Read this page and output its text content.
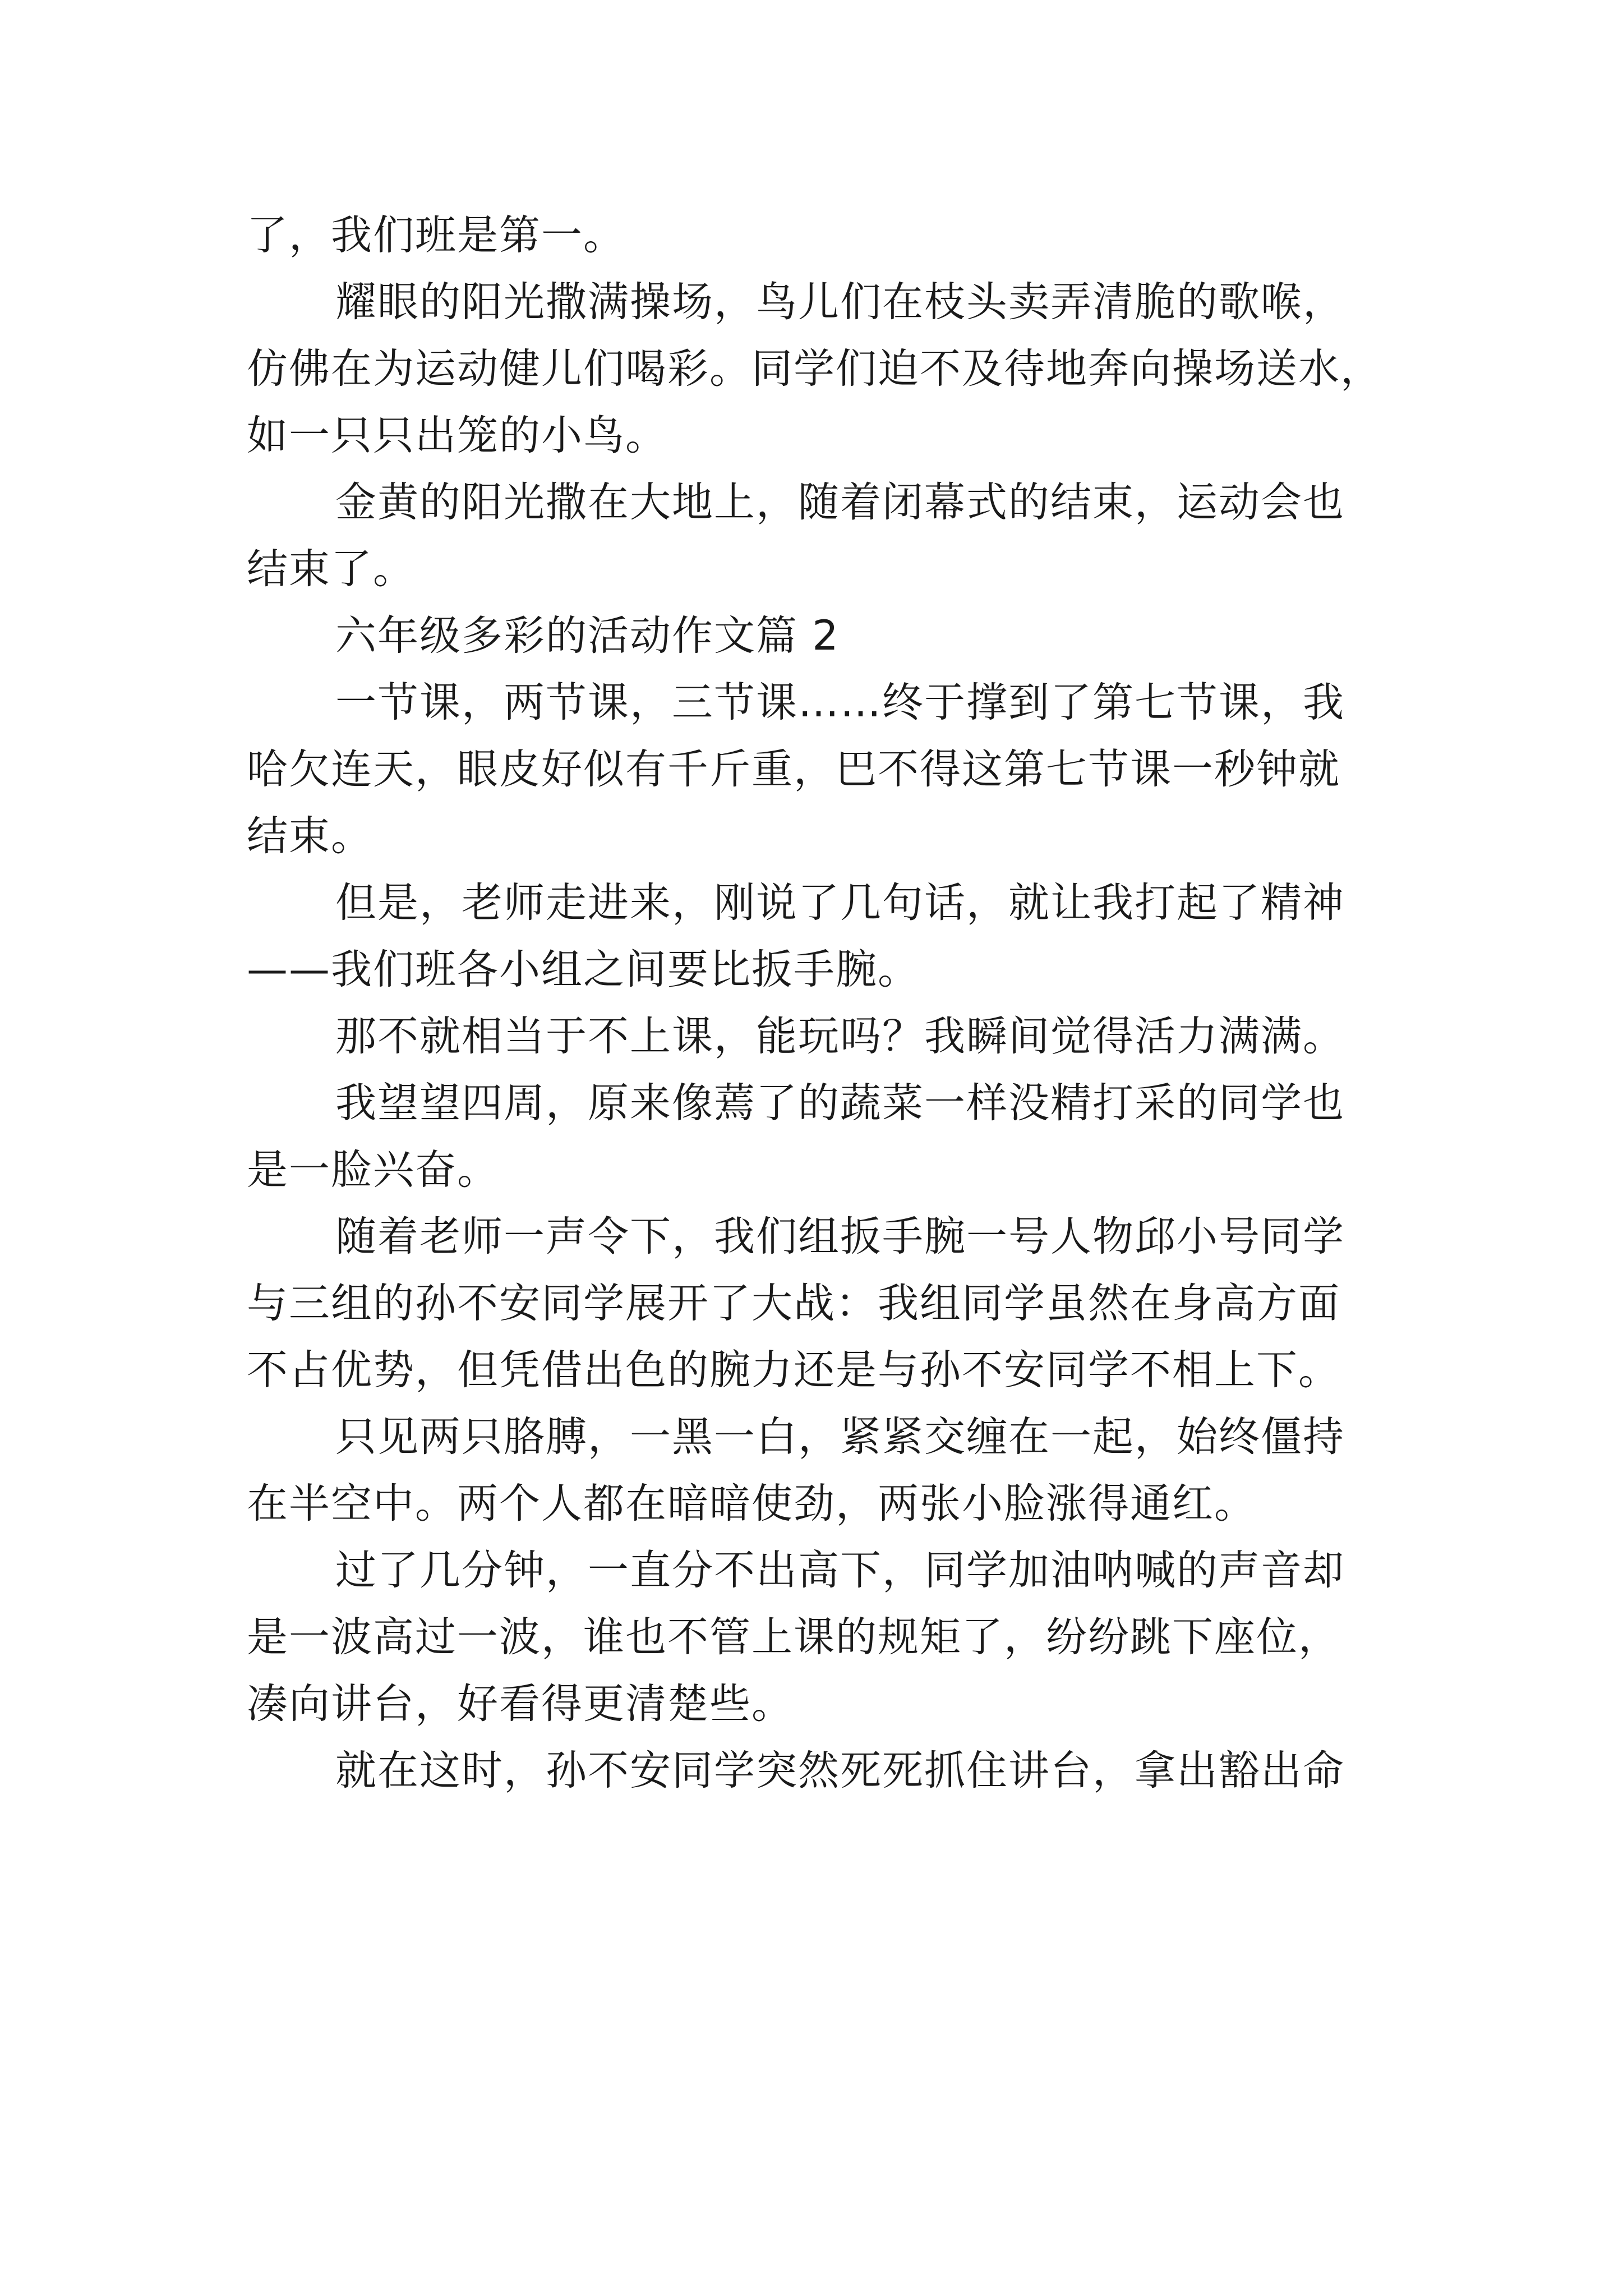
了，我们班是第一。
耀眼的阳光撒满操场，鸟儿们在枝头卖弄清脆的歌喉，
仿佛在为运动健儿们喝彩。同学们迫不及待地奔向操场送水，
如一只只出笼的小鸟。
金黄的阳光撒在大地上，随着闭幕式的结束，运动会也
结束了。
六年级多彩的活动作文篇 2
一节课，两节课，三节课……终于撑到了第七节课，我
哈欠连天，眼皮好似有千斤重，巴不得这第七节课一秒钟就
结束。
但是，老师走进来，刚说了几句话，就让我打起了精神
——我们班各小组之间要比扳手腕。
那不就相当于不上课，能玩吗？我瞬间觉得活力满满。
我望望四周，原来像蔫了的蔬菜一样没精打采的同学也
是一脸兴奋。
随着老师一声令下，我们组扳手腕一号人物邱小号同学
与三组的孙不安同学展开了大战：我组同学虽然在身高方面
不占优势，但凭借出色的腕力还是与孙不安同学不相上下。
只见两只胳膊，一黑一白，紧紧交缠在一起，始终僵持
在半空中。两个人都在暗暗使劲，两张小脸涨得通红。
过了几分钟，一直分不出高下，同学加油呐喊的声音却
是一波高过一波，谁也不管上课的规矩了，纷纷跳下座位，
凑向讲台，好看得更清楚些。
就在这时，孙不安同学突然死死抓住讲台，拿出豁出命
